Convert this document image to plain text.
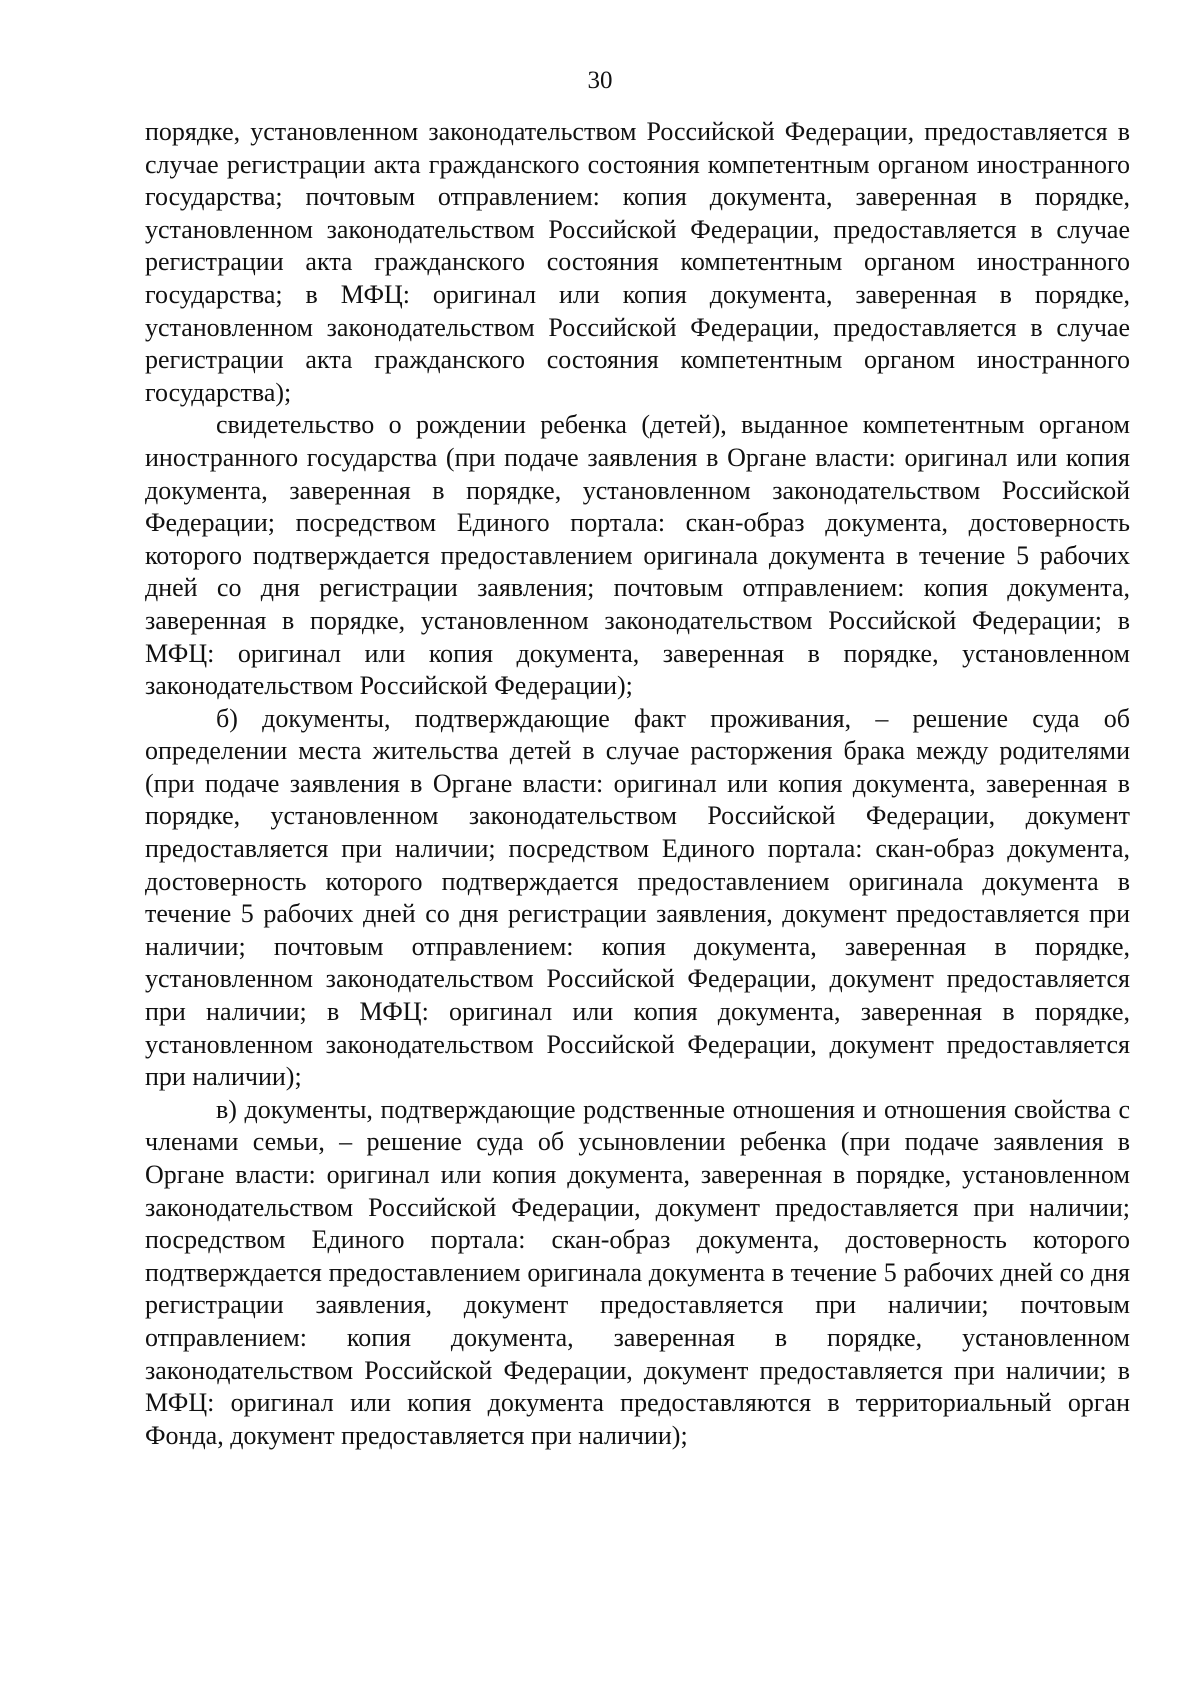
30

порядке, установленном законодательством Российской Федерации, предоставляется в случае регистрации акта гражданского состояния компетентным органом иностранного государства; почтовым отправлением: копия документа, заверенная в порядке, установленном законодательством Российской Федерации, предоставляется в случае регистрации акта гражданского состояния компетентным органом иностранного государства; в МФЦ: оригинал или копия документа, заверенная в порядке, установленном законодательством Российской Федерации, предоставляется в случае регистрации акта гражданского состояния компетентным органом иностранного государства);

свидетельство о рождении ребенка (детей), выданное компетентным органом иностранного государства (при подаче заявления в Органе власти: оригинал или копия документа, заверенная в порядке, установленном законодательством Российской Федерации; посредством Единого портала: скан-образ документа, достоверность которого подтверждается предоставлением оригинала документа в течение 5 рабочих дней со дня регистрации заявления; почтовым отправлением: копия документа, заверенная в порядке, установленном законодательством Российской Федерации; в МФЦ: оригинал или копия документа, заверенная в порядке, установленном законодательством Российской Федерации);

б) документы, подтверждающие факт проживания, – решение суда об определении места жительства детей в случае расторжения брака между родителями (при подаче заявления в Органе власти: оригинал или копия документа, заверенная в порядке, установленном законодательством Российской Федерации, документ предоставляется при наличии; посредством Единого портала: скан-образ документа, достоверность которого подтверждается предоставлением оригинала документа в течение 5 рабочих дней со дня регистрации заявления, документ предоставляется при наличии; почтовым отправлением: копия документа, заверенная в порядке, установленном законодательством Российской Федерации, документ предоставляется при наличии; в МФЦ: оригинал или копия документа, заверенная в порядке, установленном законодательством Российской Федерации, документ предоставляется при наличии);

в) документы, подтверждающие родственные отношения и отношения свойства с членами семьи, – решение суда об усыновлении ребенка (при подаче заявления в Органе власти: оригинал или копия документа, заверенная в порядке, установленном законодательством Российской Федерации, документ предоставляется при наличии; посредством Единого портала: скан-образ документа, достоверность которого подтверждается предоставлением оригинала документа в течение 5 рабочих дней со дня регистрации заявления, документ предоставляется при наличии; почтовым отправлением: копия документа, заверенная в порядке, установленном законодательством Российской Федерации, документ предоставляется при наличии; в МФЦ: оригинал или копия документа предоставляются в территориальный орган Фонда, документ предоставляется при наличии);
